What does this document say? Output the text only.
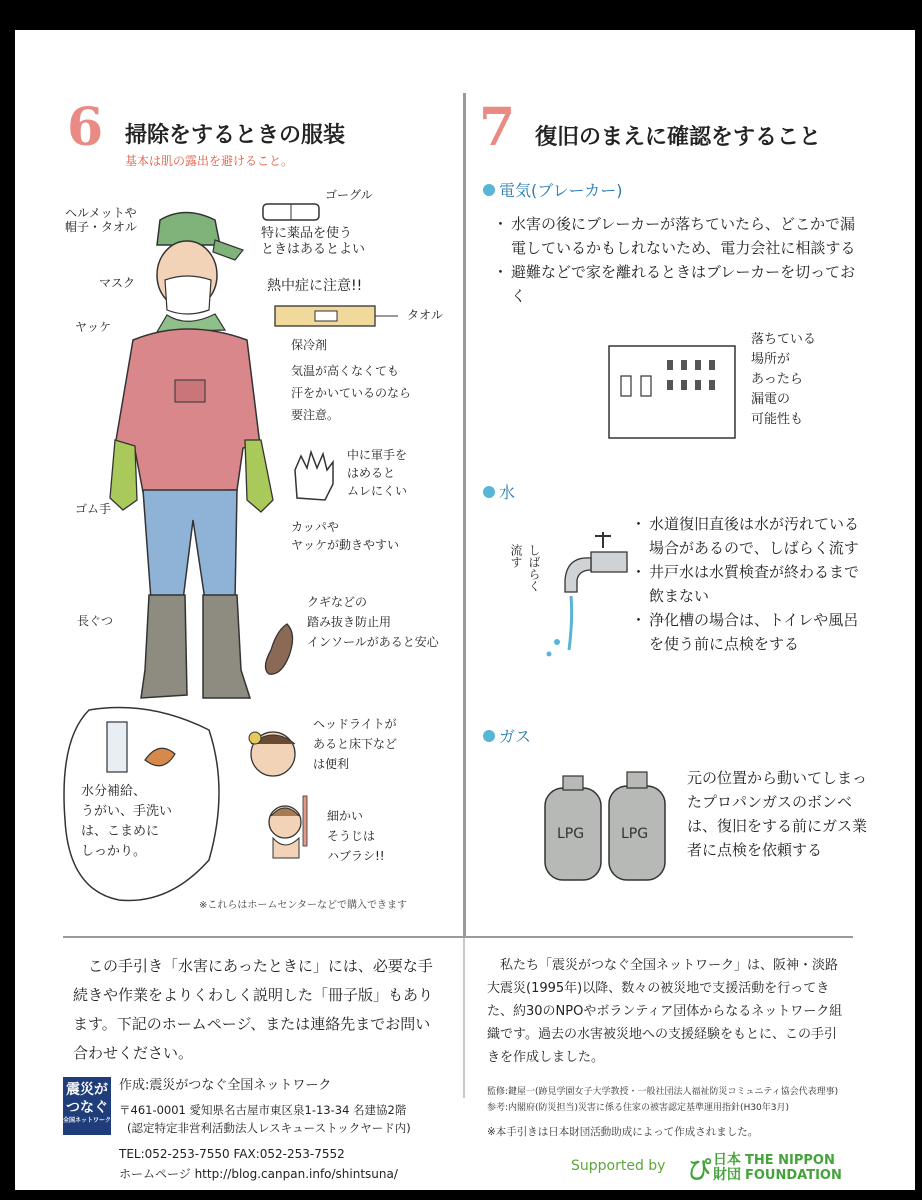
6 掃除をするときの服装
基本は肌の露出を避けること。
ヘルメットや
帽子・タオル
ゴーグル
特に薬品を使う
ときはあるとよい
熱中症に注意!!
タオル
保冷剤
気温が高くなくても
汗をかいているのなら
要注意。
マスク
ヤッケ
中に軍手を
はめると
ムレにくい
ゴム手
カッパや
ヤッケが動きやすい
クギなどの
踏み抜き防止用
インソールがあると安心
長ぐつ
ヘッドライトが
あると床下など
は便利
水分補給、
うがい、手洗い
は、こまめに
しっかり。
細かい
そうじは
ハブラシ!!
※これらはホームセンターなどで購入できます
7 復旧のまえに確認をすること
電気(ブレーカー)
・ 水害の後にブレーカーが落ちていたら、どこかで漏電しているかもしれないため、電力会社に相談する
・ 避難などで家を離れるときはブレーカーを切っておく
落ちている
場所が
あったら
漏電の
可能性も
水
しばらく
流す
・ 水道復旧直後は水が汚れている場合があるので、しばらく流す
・ 井戸水は水質検査が終わるまで飲まない
・ 浄化槽の場合は、トイレや風呂を使う前に点検をする
ガス
LPG	LPG
元の位置から動いてしまったプロパンガスのボンベは、復旧をする前にガス業者に点検を依頼する
この手引き「水害にあったときに」には、必要な手続きや作業をよりくわしく説明した「冊子版」もあります。下記のホームページ、または連絡先までお問い合わせください。
私たち「震災がつなぐ全国ネットワーク」は、阪神・淡路大震災(1995年)以降、数々の被災地で支援活動を行ってきた、約30のNPOやボランティア団体からなるネットワーク組織です。過去の水害被災地への支援経験をもとに、この手引きを作成しました。
震災が
つなぐ
全国ネットワーク
作成:震災がつなぐ全国ネットワーク
〒461-0001 愛知県名古屋市東区泉1-13-34 名建協2階
(認定特定非営利活動法人レスキューストックヤード内)
TEL:052-253-7550 FAX:052-253-7552
ホームページ http://blog.canpan.info/shintsuna/
監修:鍵屋一(跡見学園女子大学教授・一般社団法人福祉防災コミュニティ協会代表理事)
参考:内閣府(防災担当)災害に係る住家の被害認定基準運用指針(H30年3月)
※本手引きは日本財団活動助成によって作成されました。
Supported by ぴ 日本
財団
THE NIPPON
FOUNDATION
